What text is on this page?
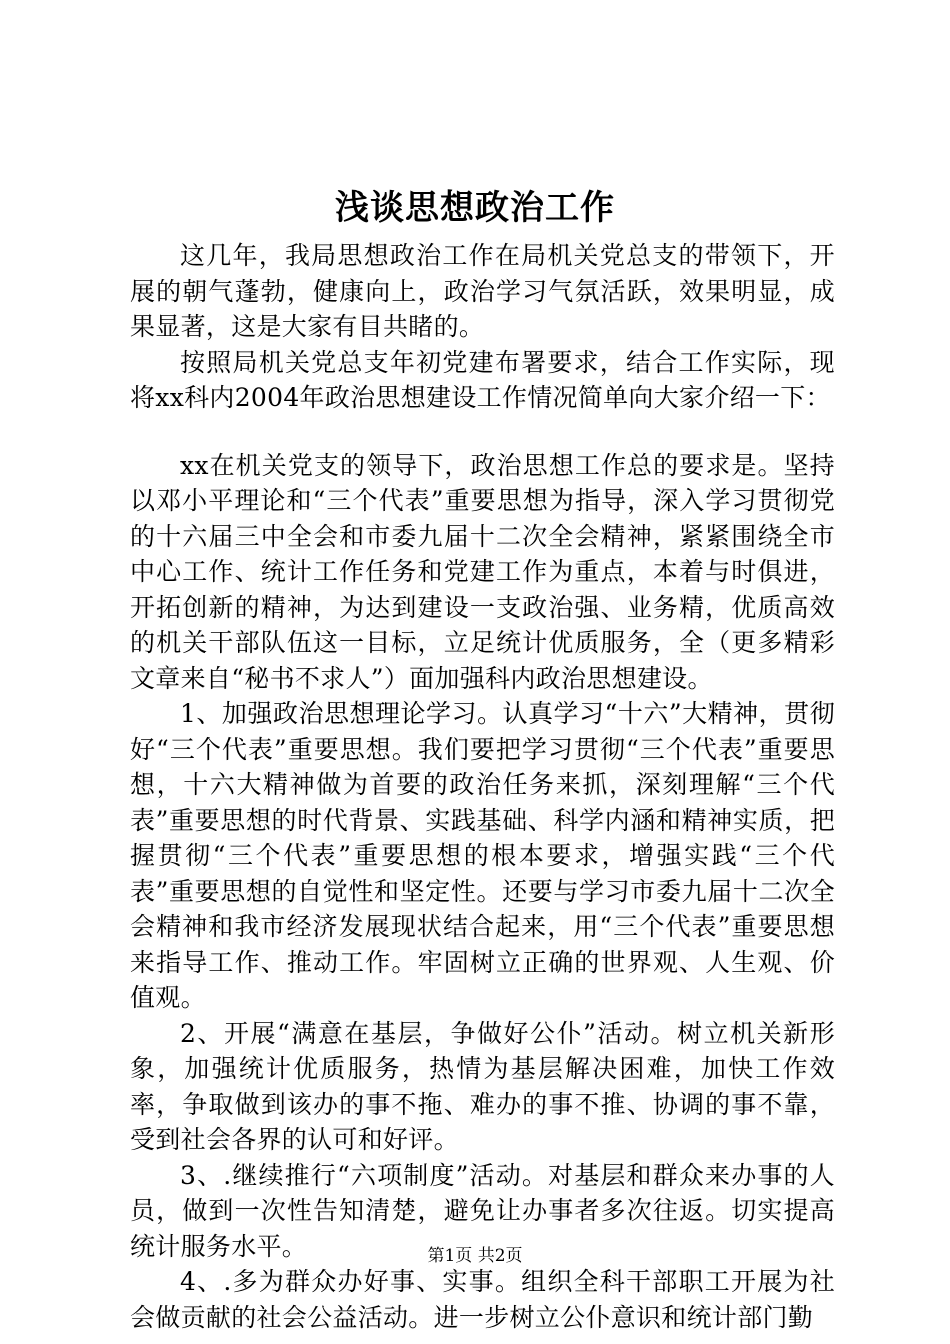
浅谈思想政治工作

这几年，我局思想政治工作在局机关党总支的带领下，开展的朝气蓬勃，健康向上，政治学习气氛活跃，效果明显，成果显著，这是大家有目共睹的。

按照局机关党总支年初党建布署要求，结合工作实际，现将xx科内2004年政治思想建设工作情况简单向大家介绍一下：

xx在机关党支的领导下，政治思想工作总的要求是。坚持以邓小平理论和“三个代表”重要思想为指导，深入学习贯彻党的十六届三中全会和市委九届十二次全会精神，紧紧围绕全市中心工作、统计工作任务和党建工作为重点，本着与时俱进，开拓创新的精神，为达到建设一支政治强、业务精，优质高效的机关干部队伍这一目标，立足统计优质服务，全（更多精彩文章来自“秘书不求人”）面加强科内政治思想建设。

1、加强政治思想理论学习。认真学习“十六”大精神，贯彻好“三个代表”重要思想。我们要把学习贯彻“三个代表”重要思想，十六大精神做为首要的政治任务来抓，深刻理解“三个代表”重要思想的时代背景、实践基础、科学内涵和精神实质，把握贯彻“三个代表”重要思想的根本要求，增强实践“三个代表”重要思想的自觉性和坚定性。还要与学习市委九届十二次全会精神和我市经济发展现状结合起来，用“三个代表”重要思想来指导工作、推动工作。牢固树立正确的世界观、人生观、价值观。

2、开展“满意在基层，争做好公仆”活动。树立机关新形象，加强统计优质服务，热情为基层解决困难，加快工作效率，争取做到该办的事不拖、难办的事不推、协调的事不靠，受到社会各界的认可和好评。

3、.继续推行“六项制度”活动。对基层和群众来办事的人员，做到一次性告知清楚，避免让办事者多次往返。切实提高统计服务水平。

4、.多为群众办好事、实事。组织全科干部职工开展为社会做贡献的社会公益活动。进一步树立公仆意识和统计部门勤

第1页 共2页
